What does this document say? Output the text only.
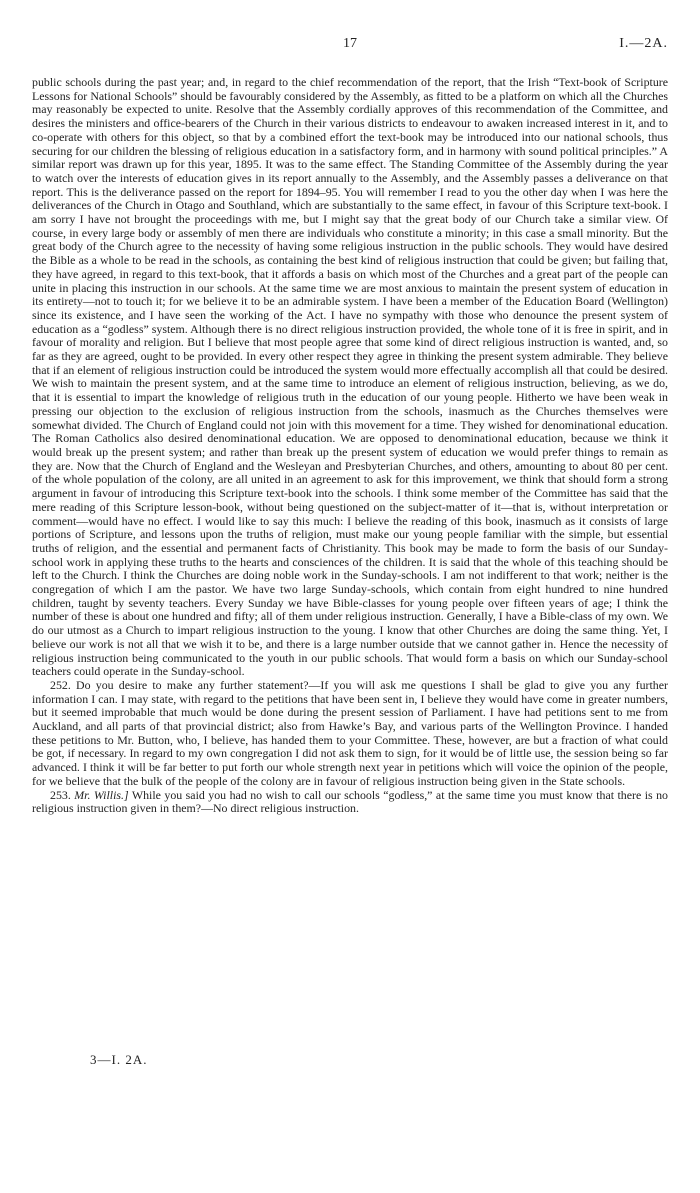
17	I.—2A.

public schools during the past year; and, in regard to the chief recommendation of the report, that the Irish “Text-book of Scripture Lessons for National Schools” should be favourably considered by the Assembly, as fitted to be a platform on which all the Churches may reasonably be expected to unite. Resolve that the Assembly cordially approves of this recommendation of the Committee, and desires the ministers and office-bearers of the Church in their various districts to endeavour to awaken increased interest in it, and to co-operate with others for this object, so that by a combined effort the text-book may be introduced into our national schools, thus securing for our children the blessing of religious education in a satisfactory form, and in harmony with sound political principles.” A similar report was drawn up for this year, 1895. It was to the same effect. The Standing Committee of the Assembly during the year to watch over the interests of education gives in its report annually to the Assembly, and the Assembly passes a deliverance on that report. This is the deliverance passed on the report for 1894–95. You will remember I read to you the other day when I was here the deliverances of the Church in Otago and Southland, which are substantially to the same effect, in favour of this Scripture text-book. I am sorry I have not brought the proceedings with me, but I might say that the great body of our Church take a similar view. Of course, in every large body or assembly of men there are individuals who constitute a minority; in this case a small minority. But the great body of the Church agree to the necessity of having some religious instruction in the public schools. They would have desired the Bible as a whole to be read in the schools, as containing the best kind of religious instruction that could be given; but failing that, they have agreed, in regard to this text-book, that it affords a basis on which most of the Churches and a great part of the people can unite in placing this instruction in our schools. At the same time we are most anxious to maintain the present system of education in its entirety—not to touch it; for we believe it to be an admirable system. I have been a member of the Education Board (Wellington) since its existence, and I have seen the working of the Act. I have no sympathy with those who denounce the present system of education as a “godless” system. Although there is no direct religious instruction provided, the whole tone of it is free in spirit, and in favour of morality and religion. But I believe that most people agree that some kind of direct religious instruction is wanted, and, so far as they are agreed, ought to be provided. In every other respect they agree in thinking the present system admirable. They believe that if an element of religious instruction could be introduced the system would more effectually accomplish all that could be desired. We wish to maintain the present system, and at the same time to introduce an element of religious instruction, believing, as we do, that it is essential to impart the knowledge of religious truth in the education of our young people. Hitherto we have been weak in pressing our objection to the exclusion of religious instruction from the schools, inasmuch as the Churches themselves were somewhat divided. The Church of England could not join with this movement for a time. They wished for denominational education. The Roman Catholics also desired denominational education. We are opposed to denominational education, because we think it would break up the present system; and rather than break up the present system of education we would prefer things to remain as they are. Now that the Church of England and the Wesleyan and Presbyterian Churches, and others, amounting to about 80 per cent. of the whole population of the colony, are all united in an agreement to ask for this improvement, we think that should form a strong argument in favour of introducing this Scripture text-book into the schools. I think some member of the Committee has said that the mere reading of this Scripture lesson-book, without being questioned on the subject-matter of it—that is, without interpretation or comment—would have no effect. I would like to say this much: I believe the reading of this book, inasmuch as it consists of large portions of Scripture, and lessons upon the truths of religion, must make our young people familiar with the simple, but essential truths of religion, and the essential and permanent facts of Christianity. This book may be made to form the basis of our Sunday-school work in applying these truths to the hearts and consciences of the children. It is said that the whole of this teaching should be left to the Church. I think the Churches are doing noble work in the Sunday-schools. I am not indifferent to that work; neither is the congregation of which I am the pastor. We have two large Sunday-schools, which contain from eight hundred to nine hundred children, taught by seventy teachers. Every Sunday we have Bible-classes for young people over fifteen years of age; I think the number of these is about one hundred and fifty; all of them under religious instruction. Generally, I have a Bible-class of my own. We do our utmost as a Church to impart religious instruction to the young. I know that other Churches are doing the same thing. Yet, I believe our work is not all that we wish it to be, and there is a large number outside that we cannot gather in. Hence the necessity of religious instruction being communicated to the youth in our public schools. That would form a basis on which our Sunday-school teachers could operate in the Sunday-school.

252. Do you desire to make any further statement?—If you will ask me questions I shall be glad to give you any further information I can. I may state, with regard to the petitions that have been sent in, I believe they would have come in greater numbers, but it seemed improbable that much would be done during the present session of Parliament. I have had petitions sent to me from Auckland, and all parts of that provincial district; also from Hawke’s Bay, and various parts of the Wellington Province. I handed these petitions to Mr. Button, who, I believe, has handed them to your Committee. These, however, are but a fraction of what could be got, if necessary. In regard to my own congregation I did not ask them to sign, for it would be of little use, the session being so far advanced. I think it will be far better to put forth our whole strength next year in petitions which will voice the opinion of the people, for we believe that the bulk of the people of the colony are in favour of religious instruction being given in the State schools.

253. Mr. Willis.] While you said you had no wish to call our schools “godless,” at the same time you must know that there is no religious instruction given in them?—No direct religious instruction.

3—I. 2A.
